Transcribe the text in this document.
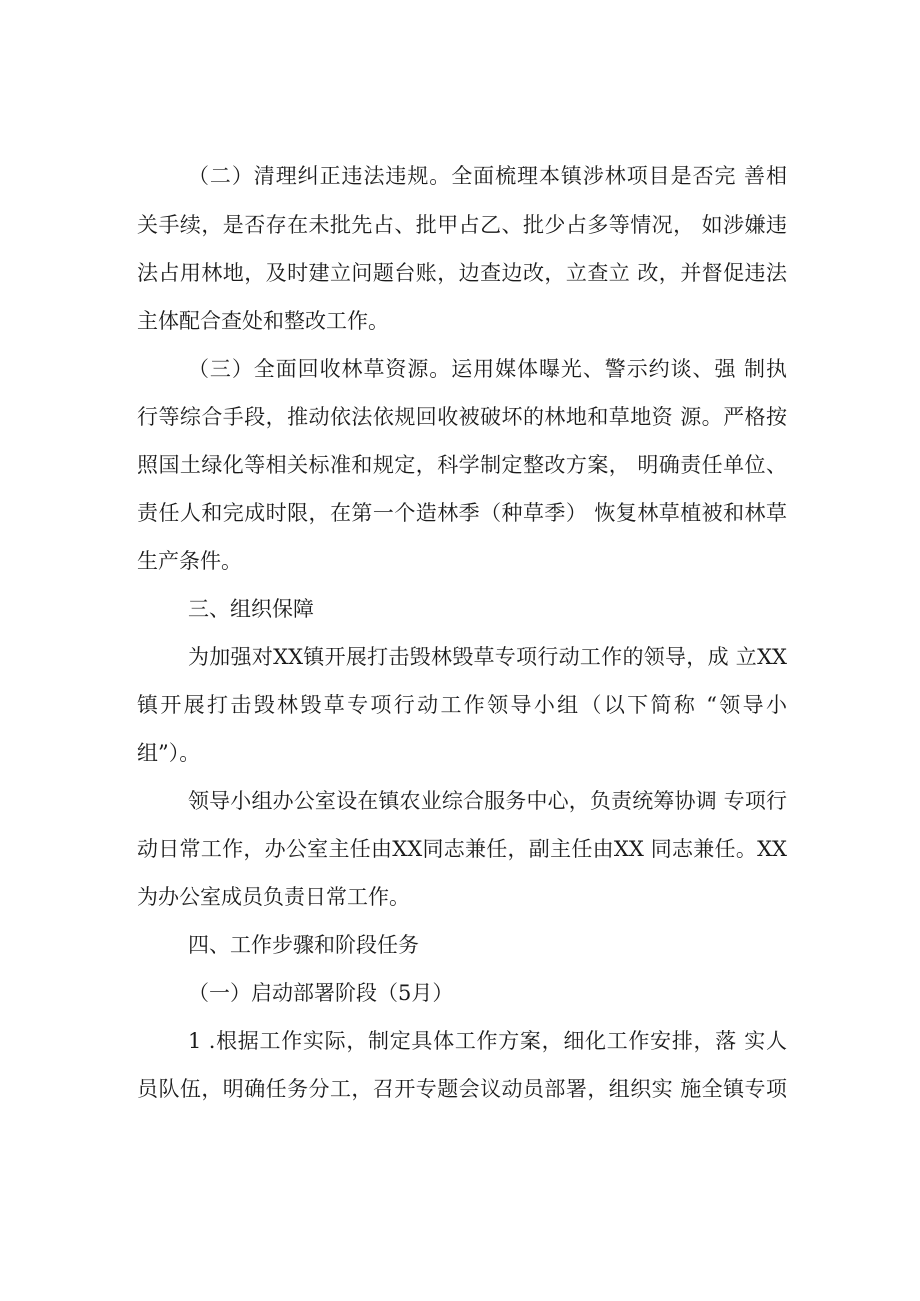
（二）清理纠正违法违规。全面梳理本镇涉林项目是否完 善相
关手续，是否存在未批先占、批甲占乙、批少占多等情况， 如涉嫌违
法占用林地，及时建立问题台账，边查边改，立查立 改，并督促违法
主体配合查处和整改工作。
（三）全面回收林草资源。运用媒体曝光、警示约谈、强 制执
行等综合手段，推动依法依规回收被破坏的林地和草地资 源。严格按
照国土绿化等相关标准和规定，科学制定整改方案， 明确责任单位、
责任人和完成时限，在第一个造林季（种草季） 恢复林草植被和林草
生产条件。
三、组织保障
为加强对XX镇开展打击毁林毁草专项行动工作的领导，成 立XX
镇开展打击毁林毁草专项行动工作领导小组（以下简称 “领导小
组”）。
领导小组办公室设在镇农业综合服务中心，负责统筹协调 专项行
动日常工作，办公室主任由XX同志兼任，副主任由XX 同志兼任。XX
为办公室成员负责日常工作。
四、工作步骤和阶段任务
（一）启动部署阶段（5月）
1 .根据工作实际，制定具体工作方案，细化工作安排，落 实人
员队伍，明确任务分工，召开专题会议动员部署，组织实 施全镇专项
